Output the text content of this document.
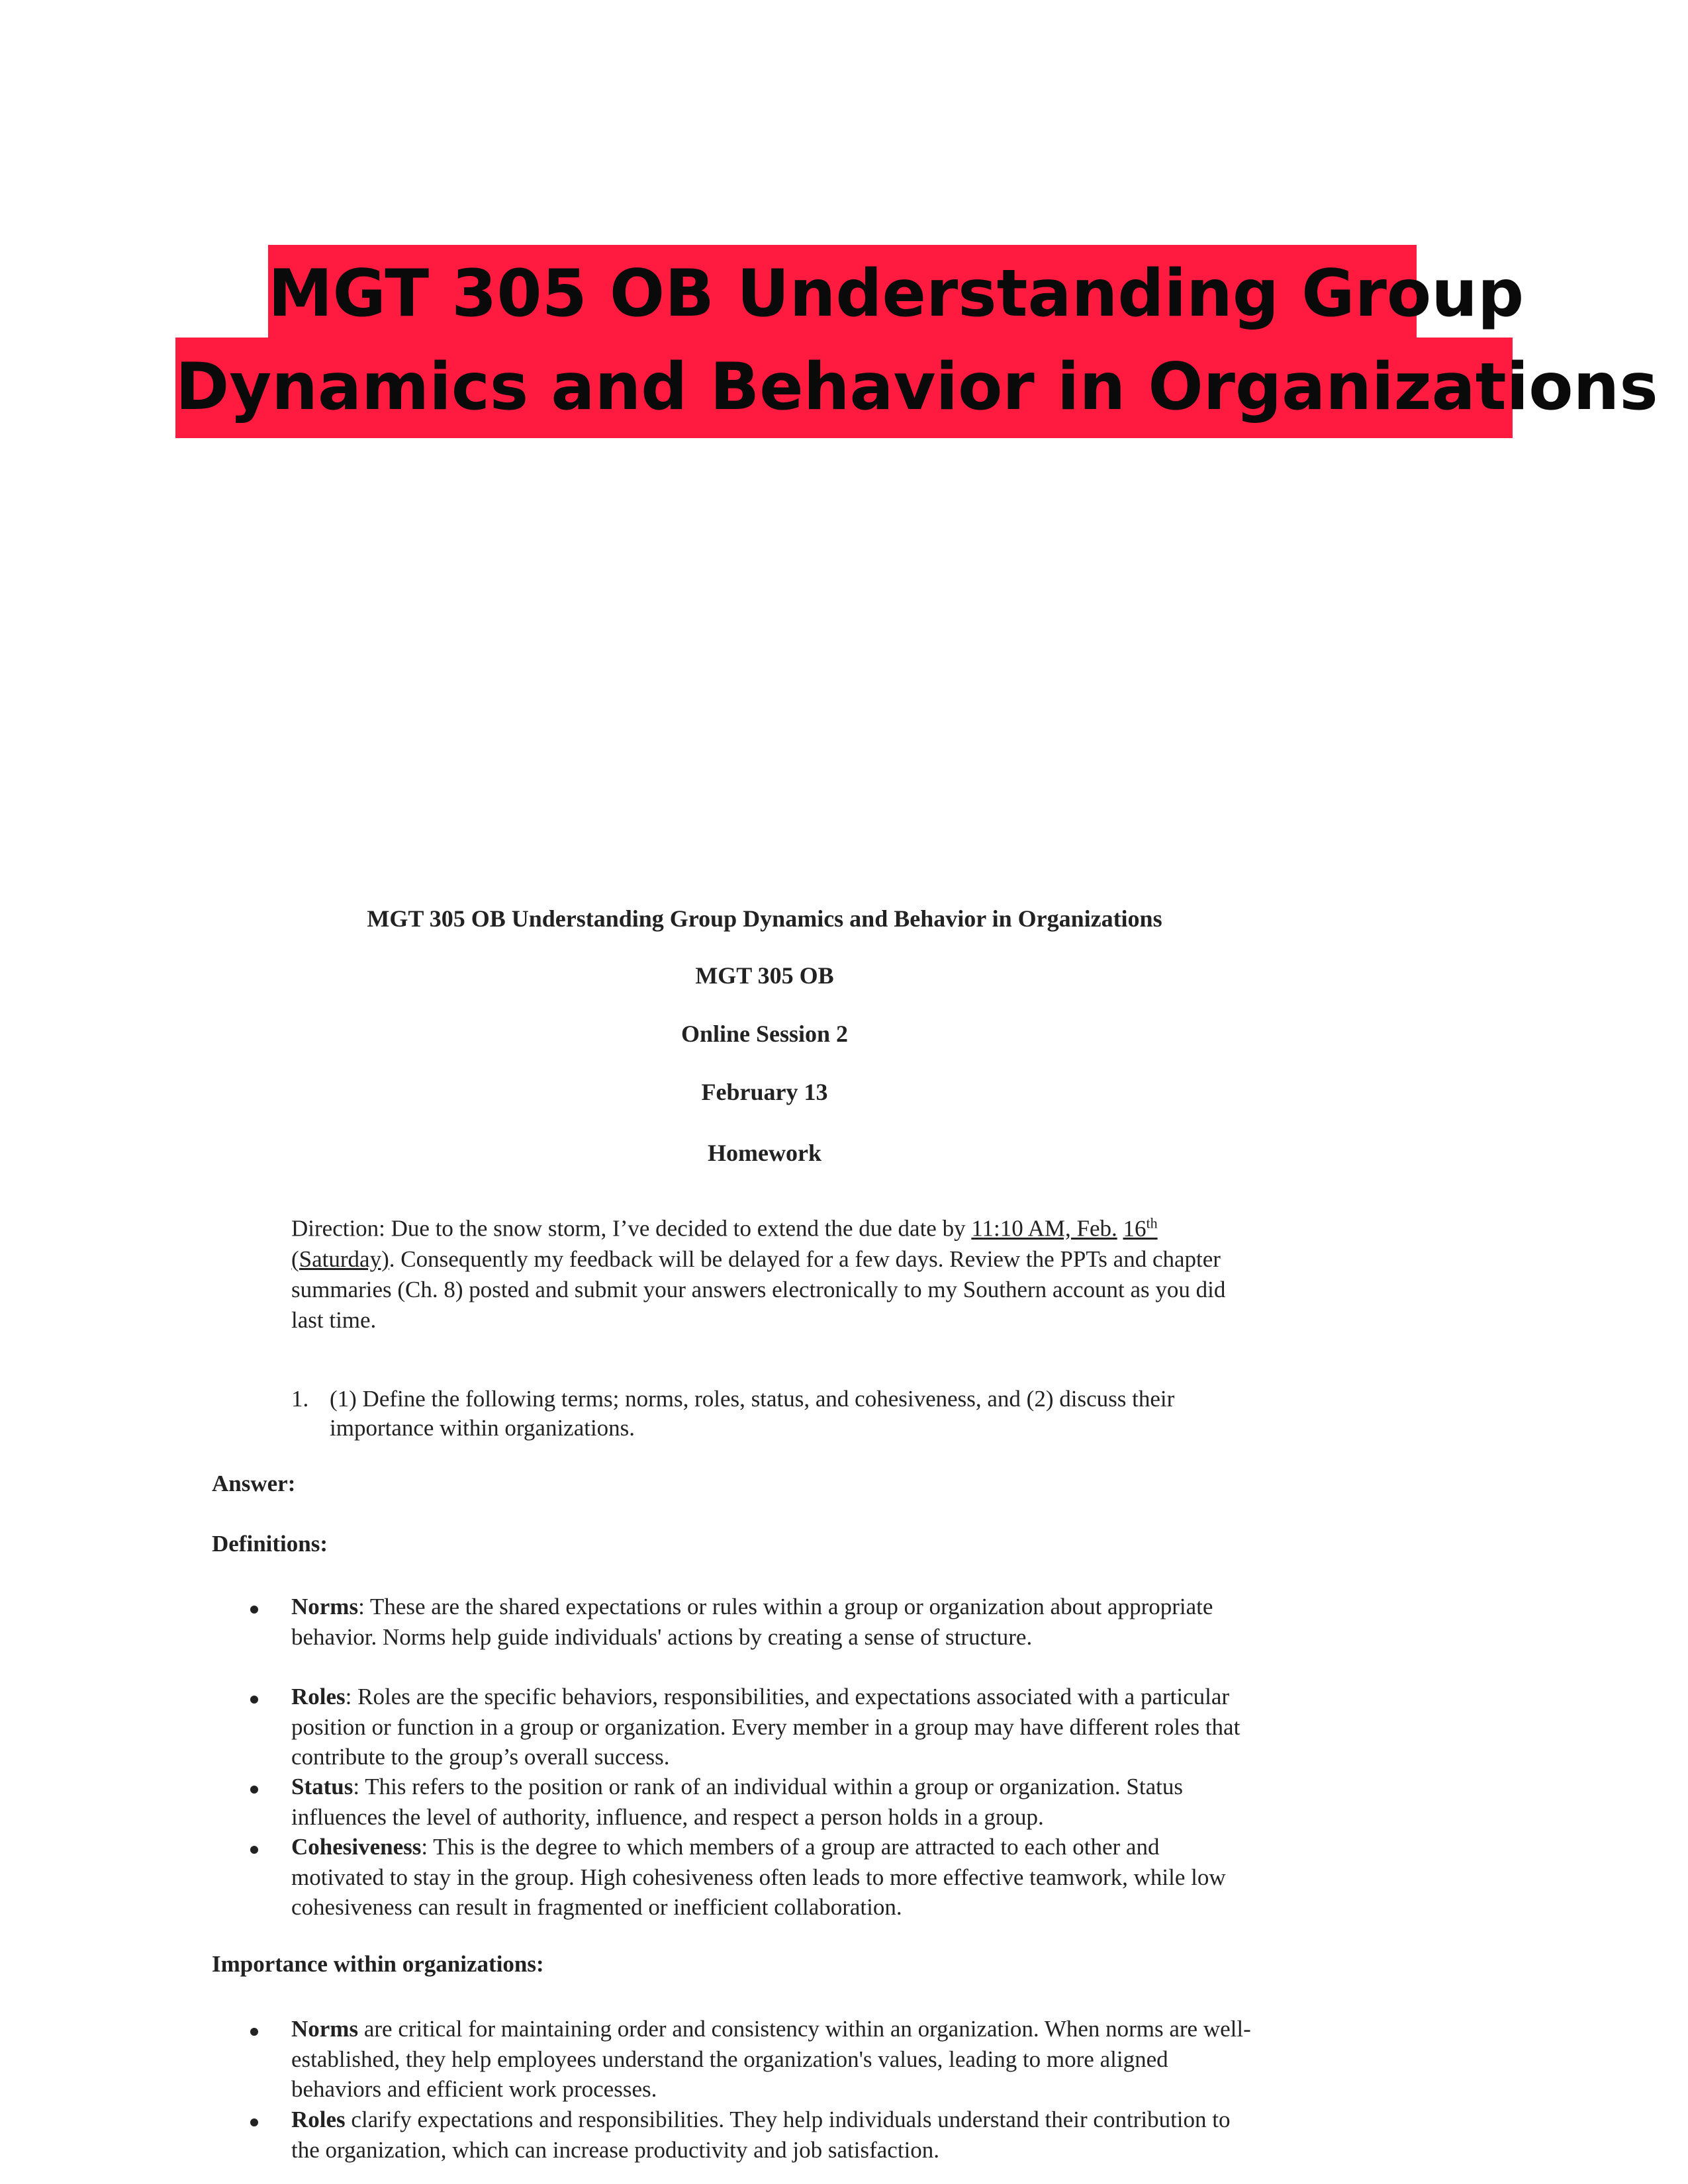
MGT 305 OB Understanding Group
Dynamics and Behavior in Organizations
MGT 305 OB Understanding Group Dynamics and Behavior in Organizations
MGT 305 OB
Online Session 2
February 13
Homework
Direction: Due to the snow storm, I’ve decided to extend the due date by 11:10 AM, Feb. 16th (Saturday). Consequently my feedback will be delayed for a few days. Review the PPTs and chapter summaries (Ch. 8) posted and submit your answers electronically to my Southern account as you did last time.
1. (1) Define the following terms; norms, roles, status, and cohesiveness, and (2) discuss their importance within organizations.
Answer:
Definitions:
Norms: These are the shared expectations or rules within a group or organization about appropriate behavior. Norms help guide individuals' actions by creating a sense of structure.
Roles: Roles are the specific behaviors, responsibilities, and expectations associated with a particular position or function in a group or organization. Every member in a group may have different roles that contribute to the group’s overall success.
Status: This refers to the position or rank of an individual within a group or organization. Status influences the level of authority, influence, and respect a person holds in a group.
Cohesiveness: This is the degree to which members of a group are attracted to each other and motivated to stay in the group. High cohesiveness often leads to more effective teamwork, while low cohesiveness can result in fragmented or inefficient collaboration.
Importance within organizations:
Norms are critical for maintaining order and consistency within an organization. When norms are well-established, they help employees understand the organization's values, leading to more aligned behaviors and efficient work processes.
Roles clarify expectations and responsibilities. They help individuals understand their contribution to the organization, which can increase productivity and job satisfaction.
